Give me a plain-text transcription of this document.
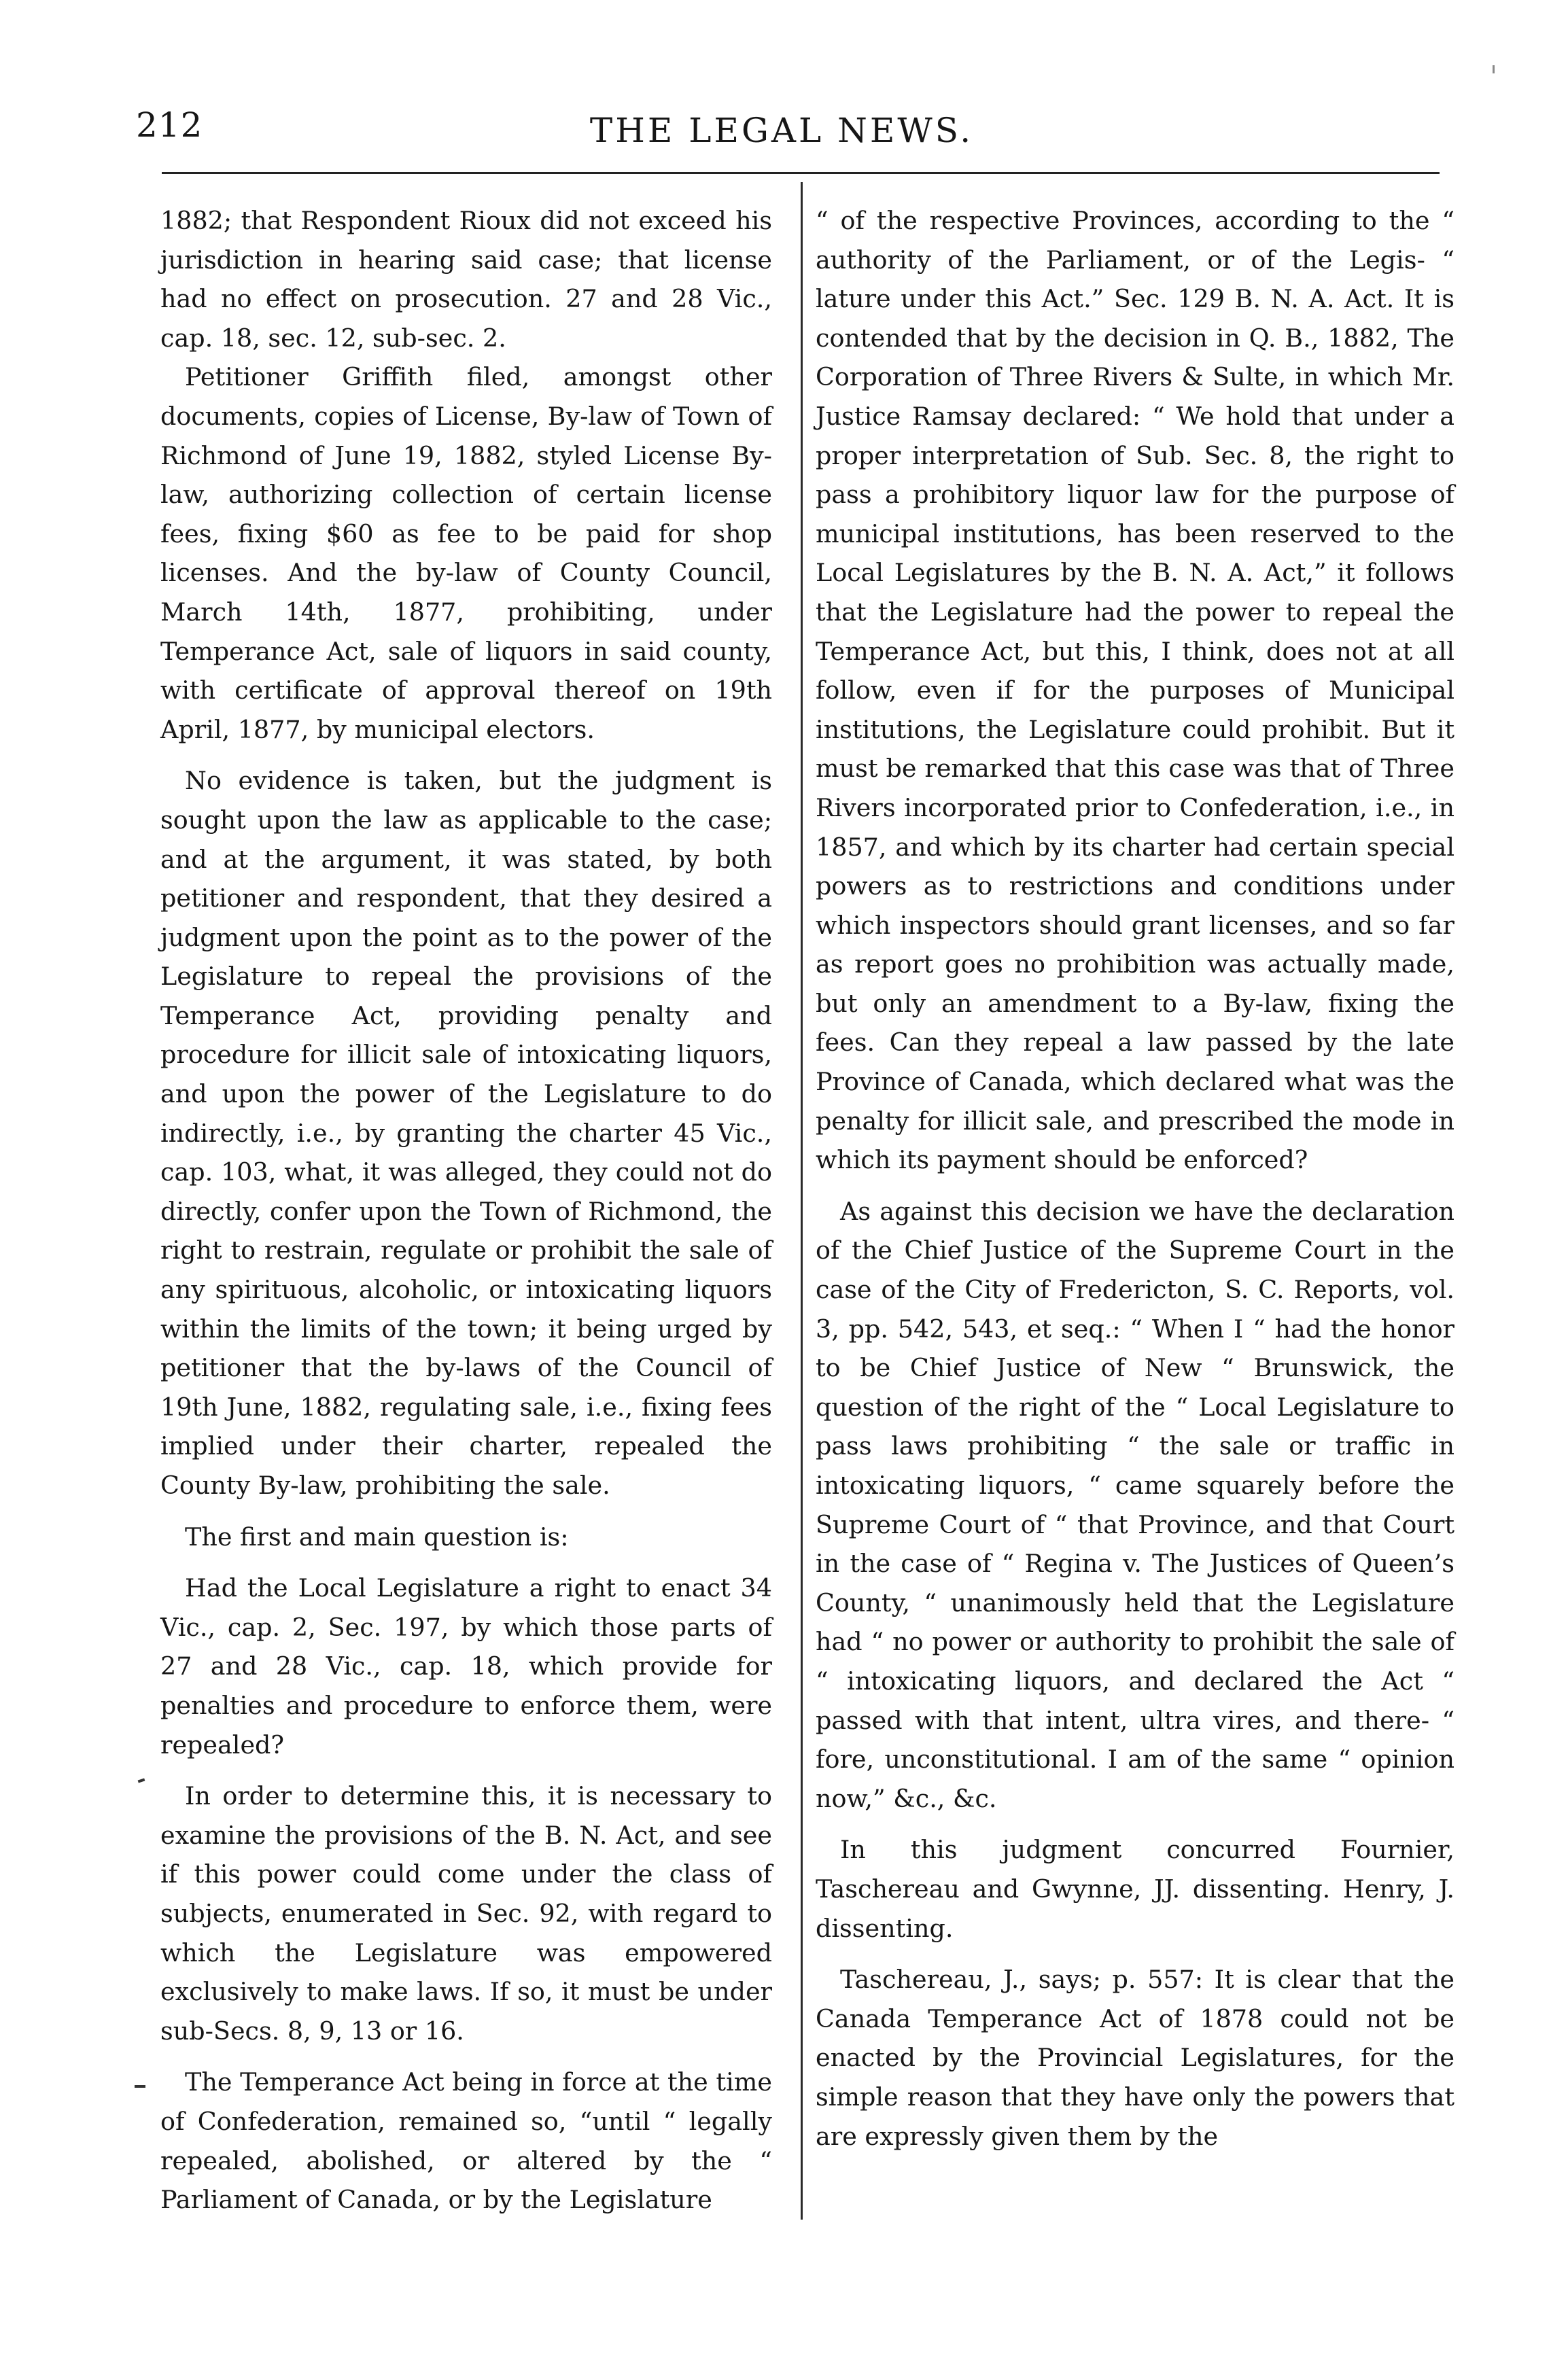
212	THE LEGAL NEWS.

1882; that Respondent Rioux did not exceed his jurisdiction in hearing said case; that license had no effect on prosecution. 27 and 28 Vic., cap. 18, sec. 12, sub-sec. 2.

Petitioner Griffith filed, amongst other documents, copies of License, By-law of Town of Richmond of June 19, 1882, styled License By-law, authorizing collection of certain license fees, fixing $60 as fee to be paid for shop licenses. And the by-law of County Council, March 14th, 1877, prohibiting, under Temperance Act, sale of liquors in said county, with certificate of approval thereof on 19th April, 1877, by municipal electors.

No evidence is taken, but the judgment is sought upon the law as applicable to the case; and at the argument, it was stated, by both petitioner and respondent, that they desired a judgment upon the point as to the power of the Legislature to repeal the provisions of the Temperance Act, providing penalty and procedure for illicit sale of intoxicating liquors, and upon the power of the Legislature to do indirectly, i.e., by granting the charter 45 Vic., cap. 103, what, it was alleged, they could not do directly, confer upon the Town of Richmond, the right to restrain, regulate or prohibit the sale of any spirituous, alcoholic, or intoxicating liquors within the limits of the town; it being urged by petitioner that the by-laws of the Council of 19th June, 1882, regulating sale, i.e., fixing fees implied under their charter, repealed the County By-law, prohibiting the sale.

The first and main question is:

Had the Local Legislature a right to enact 34 Vic., cap. 2, Sec. 197, by which those parts of 27 and 28 Vic., cap. 18, which provide for penalties and procedure to enforce them, were repealed?

In order to determine this, it is necessary to examine the provisions of the B. N. Act, and see if this power could come under the class of subjects, enumerated in Sec. 92, with regard to which the Legislature was empowered exclusively to make laws. If so, it must be under sub-Secs. 8, 9, 13 or 16.

The Temperance Act being in force at the time of Confederation, remained so, “until “ legally repealed, abolished, or altered by the “ Parliament of Canada, or by the Legislature

“ of the respective Provinces, according to the “ authority of the Parliament, or of the Legis- “ lature under this Act.” Sec. 129 B. N. A. Act. It is contended that by the decision in Q. B., 1882, The Corporation of Three Rivers & Sulte, in which Mr. Justice Ramsay declared: “ We hold that under a proper interpretation of Sub. Sec. 8, the right to pass a prohibitory liquor law for the purpose of municipal institutions, has been reserved to the Local Legislatures by the B. N. A. Act,” it follows that the Legislature had the power to repeal the Temperance Act, but this, I think, does not at all follow, even if for the purposes of Municipal institutions, the Legislature could prohibit. But it must be remarked that this case was that of Three Rivers incorporated prior to Confederation, i.e., in 1857, and which by its charter had certain special powers as to restrictions and conditions under which inspectors should grant licenses, and so far as report goes no prohibition was actually made, but only an amendment to a By-law, fixing the fees. Can they repeal a law passed by the late Province of Canada, which declared what was the penalty for illicit sale, and prescribed the mode in which its payment should be enforced?

As against this decision we have the declaration of the Chief Justice of the Supreme Court in the case of the City of Fredericton, S. C. Reports, vol. 3, pp. 542, 543, et seq.: “ When I “ had the honor to be Chief Justice of New “ Brunswick, the question of the right of the “ Local Legislature to pass laws prohibiting “ the sale or traffic in intoxicating liquors, “ came squarely before the Supreme Court of “ that Province, and that Court in the case of “ Regina v. The Justices of Queen’s County, “ unanimously held that the Legislature had “ no power or authority to prohibit the sale of “ intoxicating liquors, and declared the Act “ passed with that intent, ultra vires, and there- “ fore, unconstitutional. I am of the same “ opinion now,” &c., &c.

In this judgment concurred Fournier, Taschereau and Gwynne, JJ. dissenting. Henry, J. dissenting.

Taschereau, J., says; p. 557: It is clear that the Canada Temperance Act of 1878 could not be enacted by the Provincial Legislatures, for the simple reason that they have only the powers that are expressly given them by the
